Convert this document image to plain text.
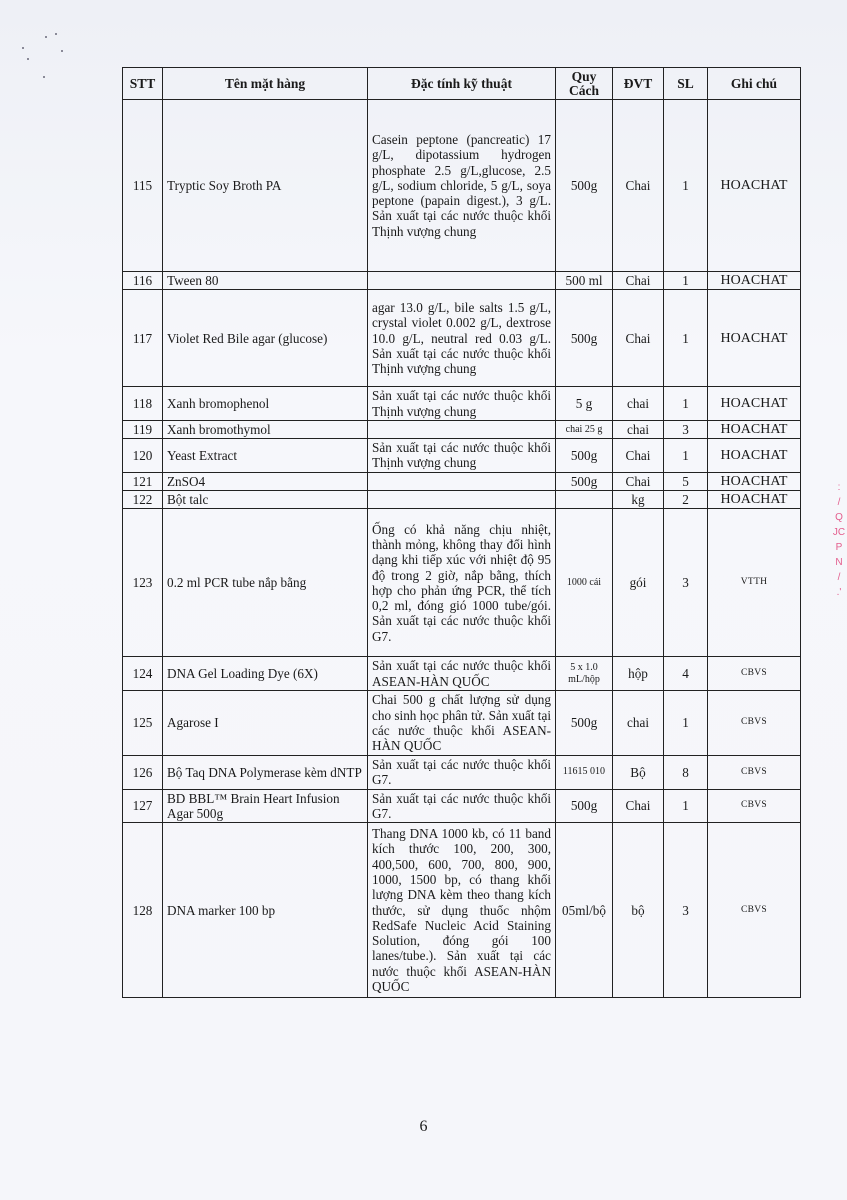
STT	Tên mặt hàng	Đặc tính kỹ thuật	Quy Cách	ĐVT	SL	Ghi chú
115	Tryptic Soy Broth PA	Casein peptone (pancreatic) 17 g/L, dipotassium hydrogen phosphate 2.5 g/L,glucose, 2.5 g/L, sodium chloride, 5 g/L, soya peptone (papain digest.), 3 g/L. Sản xuất tại các nước thuộc khối Thịnh vượng chung	500g	Chai	1	HOACHAT
116	Tween 80		500 ml	Chai	1	HOACHAT
117	Violet Red Bile agar (glucose)	agar 13.0 g/L, bile salts 1.5 g/L, crystal violet 0.002 g/L, dextrose 10.0 g/L, neutral red 0.03 g/L. Sản xuất tại các nước thuộc khối Thịnh vượng chung	500g	Chai	1	HOACHAT
118	Xanh bromophenol	Sản xuất tại các nước thuộc khối Thịnh vượng chung	5 g	chai	1	HOACHAT
119	Xanh bromothymol		chai 25 g	chai	3	HOACHAT
120	Yeast Extract	Sản xuất tại các nước thuộc khối Thịnh vượng chung	500g	Chai	1	HOACHAT
121	ZnSO4		500g	Chai	5	HOACHAT
122	Bột talc			kg	2	HOACHAT
123	0.2 ml PCR tube nắp bằng	Ống có khả năng chịu nhiệt, thành mỏng, không thay đổi hình dạng khi tiếp xúc với nhiệt độ 95 độ trong 2 giờ, nắp bằng, thích hợp cho phản ứng PCR, thể tích 0,2 ml, đóng gió 1000 tube/gói. Sản xuất tại các nước thuộc khối G7.	1000 cái	gói	3	VTTH
124	DNA Gel Loading Dye (6X)	Sản xuất tại các nước thuộc khối ASEAN-HÀN QUỐC	5 x 1.0 mL/hộp	hộp	4	CBVS
125	Agarose I	Chai 500 g chất lượng sử dụng cho sinh học phân tử. Sản xuất tại các nước thuộc khối ASEAN-HÀN QUỐC	500g	chai	1	CBVS
126	Bộ Taq DNA Polymerase kèm dNTP	Sản xuất tại các nước thuộc khối G7.	11615 010	Bộ	8	CBVS
127	BD BBL™ Brain Heart Infusion Agar 500g	Sản xuất tại các nước thuộc khối G7.	500g	Chai	1	CBVS
128	DNA marker 100 bp	Thang DNA 1000 kb, có 11 band kích thước 100, 200, 300, 400,500, 600, 700, 800, 900, 1000, 1500 bp, có thang khối lượng DNA kèm theo thang kích thước, sử dụng thuốc nhộm RedSafe Nucleic Acid Staining Solution, đóng gói 100 lanes/tube.). Sản xuất tại các nước thuộc khối ASEAN-HÀN QUỐC	05ml/bộ	bộ	3	CBVS
:
/
Q
JC
P
N
/
.'
6
